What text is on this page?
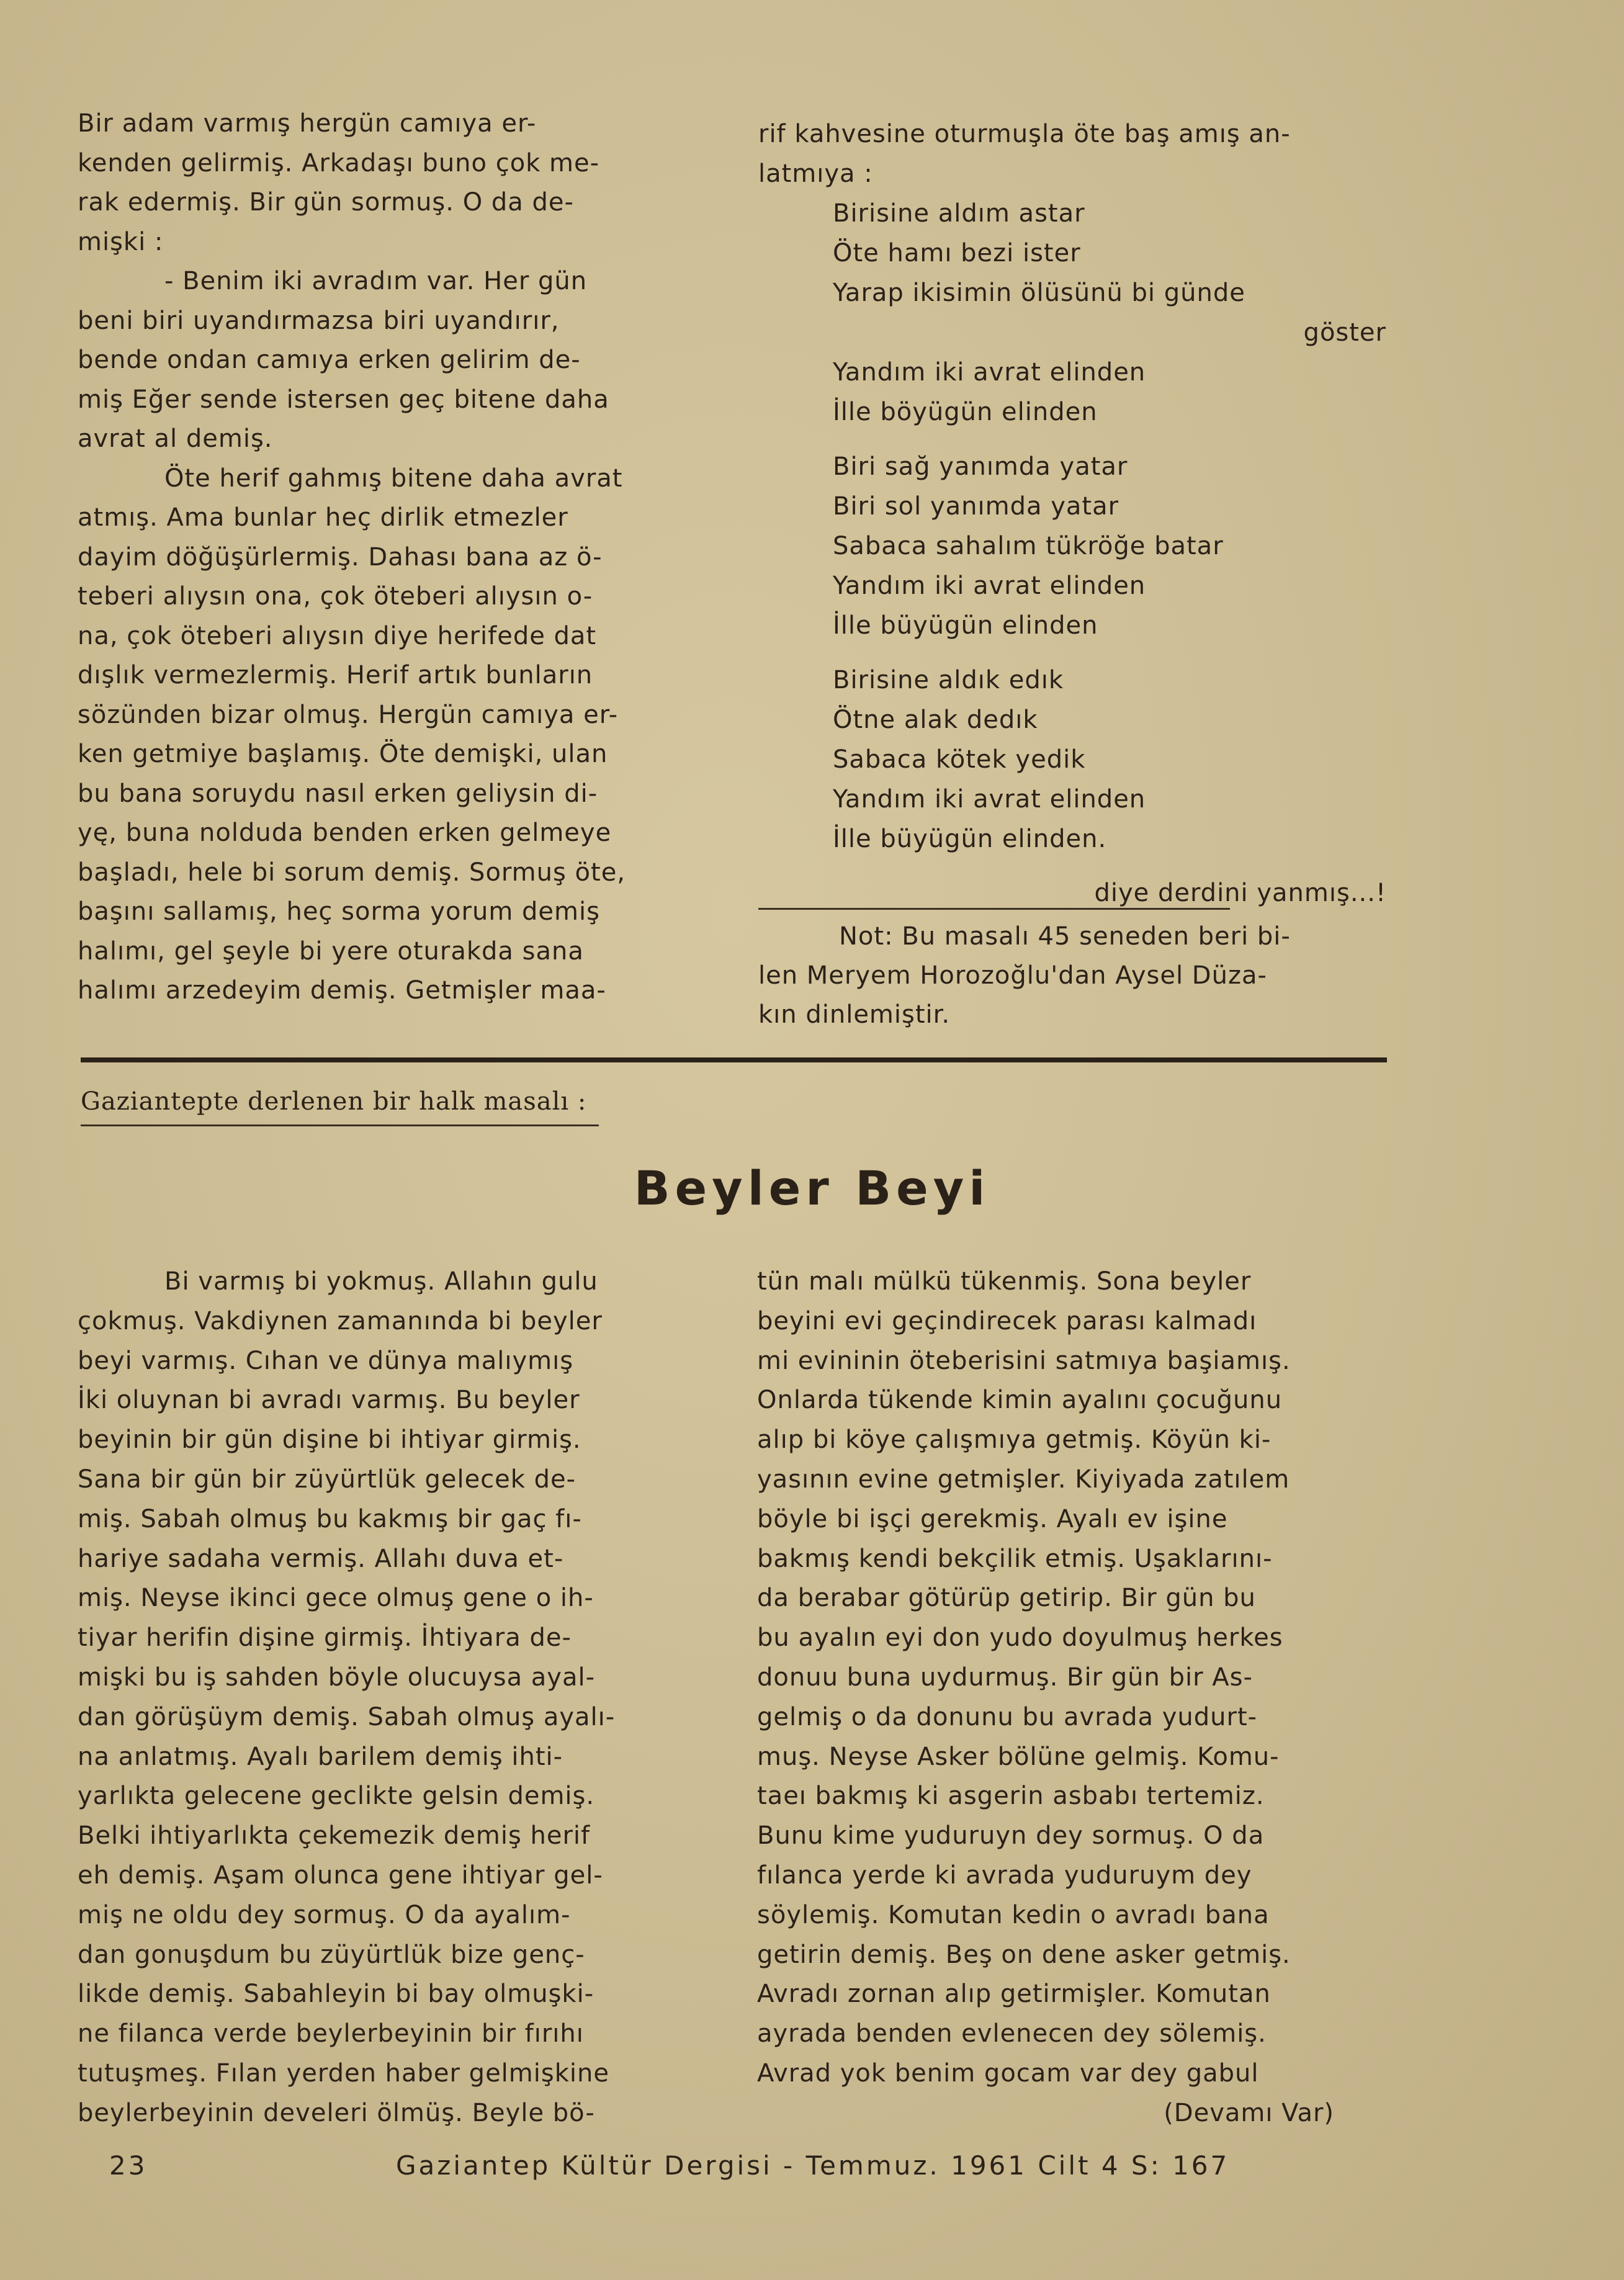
Bir adam varmış hergün camıya er-

kenden gelirmiş. Arkadaşı buno çok me-

rak edermiş. Bir gün sormuş. O da de-

mişki :

- Benim iki avradım var. Her gün

beni biri uyandırmazsa biri uyandırır,

bende ondan camıya erken gelirim de-

miş Eğer sende istersen geç bitene daha

avrat al demiş.

Öte herif gahmış bitene daha avrat

atmış. Ama bunlar heç dirlik etmezler

dayim döğüşürlermiş. Dahası bana az ö-

teberi alıysın ona, çok öteberi alıysın o-

na, çok öteberi alıysın diye herifede dat

dışlık vermezlermiş. Herif artık bunların

sözünden bizar olmuş. Hergün camıya er-

ken getmiye başlamış. Öte demişki, ulan

bu bana soruydu nasıl erken geliysin di-

yę, buna nolduda benden erken gelmeye

başladı, hele bi sorum demiş. Sormuş öte,

başını sallamış, heç sorma yorum demiş

halımı, gel şeyle bi yere oturakda sana

halımı arzedeyim demiş. Getmişler maa-

rif kahvesine oturmuşla öte baş amış an-

latmıya :

Birisine aldım astar

Öte hamı bezi ister

Yarap ikisimin ölüsünü bi günde

göster

Yandım iki avrat elinden

İlle böyügün elinden

Biri sağ yanımda yatar

Biri sol yanımda yatar

Sabaca sahalım tükröğe batar

Yandım iki avrat elinden

İlle büyügün elinden

Birisine aldık edık

Ötne alak dedık

Sabaca kötek yedik

Yandım iki avrat elinden

İlle büyügün elinden.

diye derdini yanmış...!

Not: Bu masalı 45 seneden beri bi-

len Meryem Horozoğlu'dan Aysel Düza-

kın dinlemiştir.

Gaziantepte derlenen bir halk masalı :
Beyler Beyi

Bi varmış bi yokmuş. Allahın gulu

çokmuş. Vakdiynen zamanında bi beyler

beyi varmış. Cıhan ve dünya malıymış

İki oluynan bi avradı varmış. Bu beyler

beyinin bir gün dişine bi ihtiyar girmiş.

Sana bir gün bir züyürtlük gelecek de-

miş. Sabah olmuş bu kakmış bir gaç fı-

hariye sadaha vermiş. Allahı duva et-

miş. Neyse ikinci gece olmuş gene o ih-

tiyar herifin dişine girmiş. İhtiyara de-

mişki bu iş sahden böyle olucuysa ayal-

dan görüşüym demiş. Sabah olmuş ayalı-

na anlatmış. Ayalı barilem demiş ihti-

yarlıkta gelecene geclikte gelsin demiş.

Belki ihtiyarlıkta çekemezik demiş herif

eh demiş. Aşam olunca gene ihtiyar gel-

miş ne oldu dey sormuş. O da ayalım-

dan gonuşdum bu züyürtlük bize genç-

likde demiş. Sabahleyin bi bay olmuşki-

ne filanca verde beylerbeyinin bir fırıhı

tutuşmeş. Fılan yerden haber gelmişkine

beylerbeyinin develeri ölmüş. Beyle bö-

tün malı mülkü tükenmiş. Sona beyler

beyini evi geçindirecek parası kalmadı

mi evininin öteberisini satmıya başiamış.

Onlarda tükende kimin ayalını çocuğunu

alıp bi köye çalışmıya getmiş. Köyün ki-

yasının evine getmişler. Kiyiyada zatılem

böyle bi işçi gerekmiş. Ayalı ev işine

bakmış kendi bekçilik etmiş. Uşaklarını-

da berabar götürüp getirip. Bir gün bu

bu ayalın eyi don yudo doyulmuş herkes

donuu buna uydurmuş. Bir gün bir As-

gelmiş o da donunu bu avrada yudurt-

muş. Neyse Asker bölüne gelmiş. Komu-

taeı bakmış ki asgerin asbabı tertemiz.

Bunu kime yuduruyn dey sormuş. O da

fılanca yerde ki avrada yuduruym dey

söylemiş. Komutan kedin o avradı bana

getirin demiş. Beş on dene asker getmiş.

Avradı zornan alıp getirmişler. Komutan

ayrada benden evlenecen dey sölemiş.

Avrad yok benim gocam var dey gabul

(Devamı Var)

23	Gaziantep Kültür Dergisi - Temmuz. 1961 Cilt 4 S: 167
